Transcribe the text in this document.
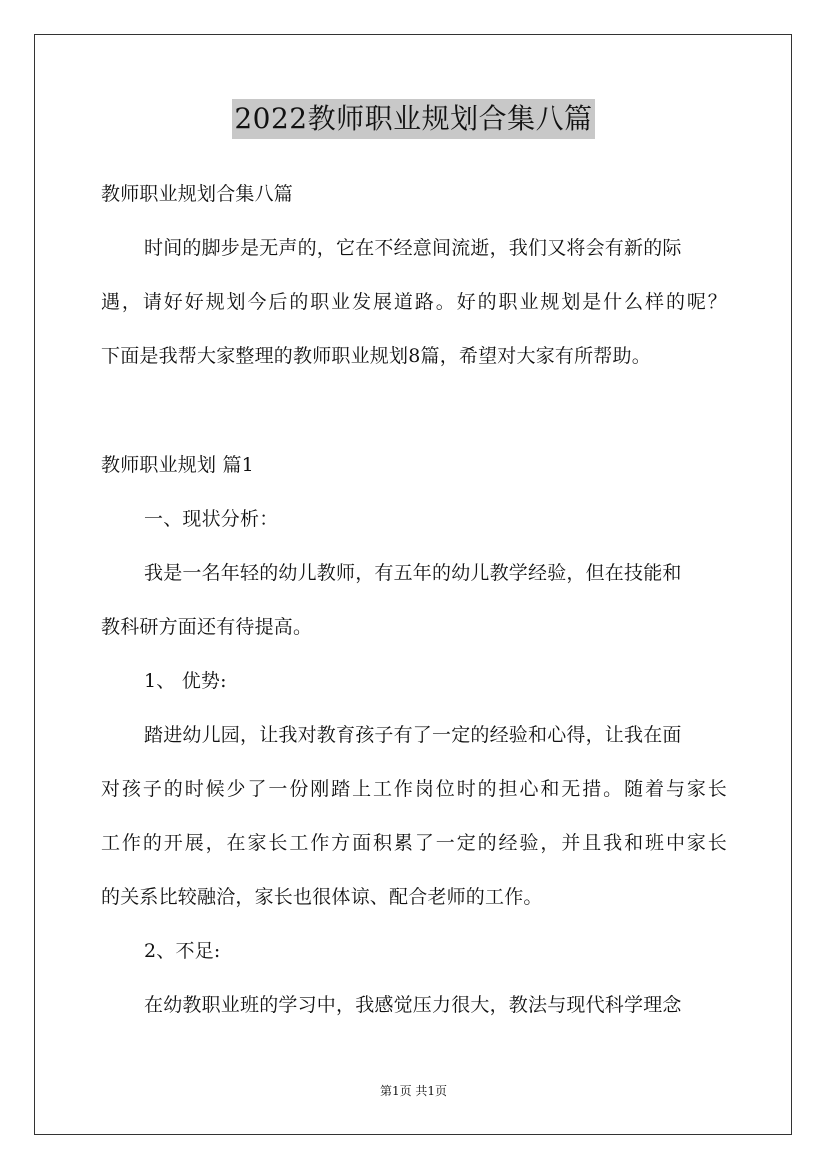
2022教师职业规划合集八篇
教师职业规划合集八篇
时间的脚步是无声的，它在不经意间流逝，我们又将会有新的际
遇，请好好规划今后的职业发展道路。好的职业规划是什么样的呢？
下面是我帮大家整理的教师职业规划8篇，希望对大家有所帮助。
教师职业规划 篇1
一、现状分析：
我是一名年轻的幼儿教师，有五年的幼儿教学经验，但在技能和
教科研方面还有待提高。
1、 优势:
踏进幼儿园，让我对教育孩子有了一定的经验和心得，让我在面
对孩子的时候少了一份刚踏上工作岗位时的担心和无措。随着与家长
工作的开展，在家长工作方面积累了一定的经验，并且我和班中家长
的关系比较融洽，家长也很体谅、配合老师的工作。
2、不足:
在幼教职业班的学习中，我感觉压力很大，教法与现代科学理念
第1页 共1页
